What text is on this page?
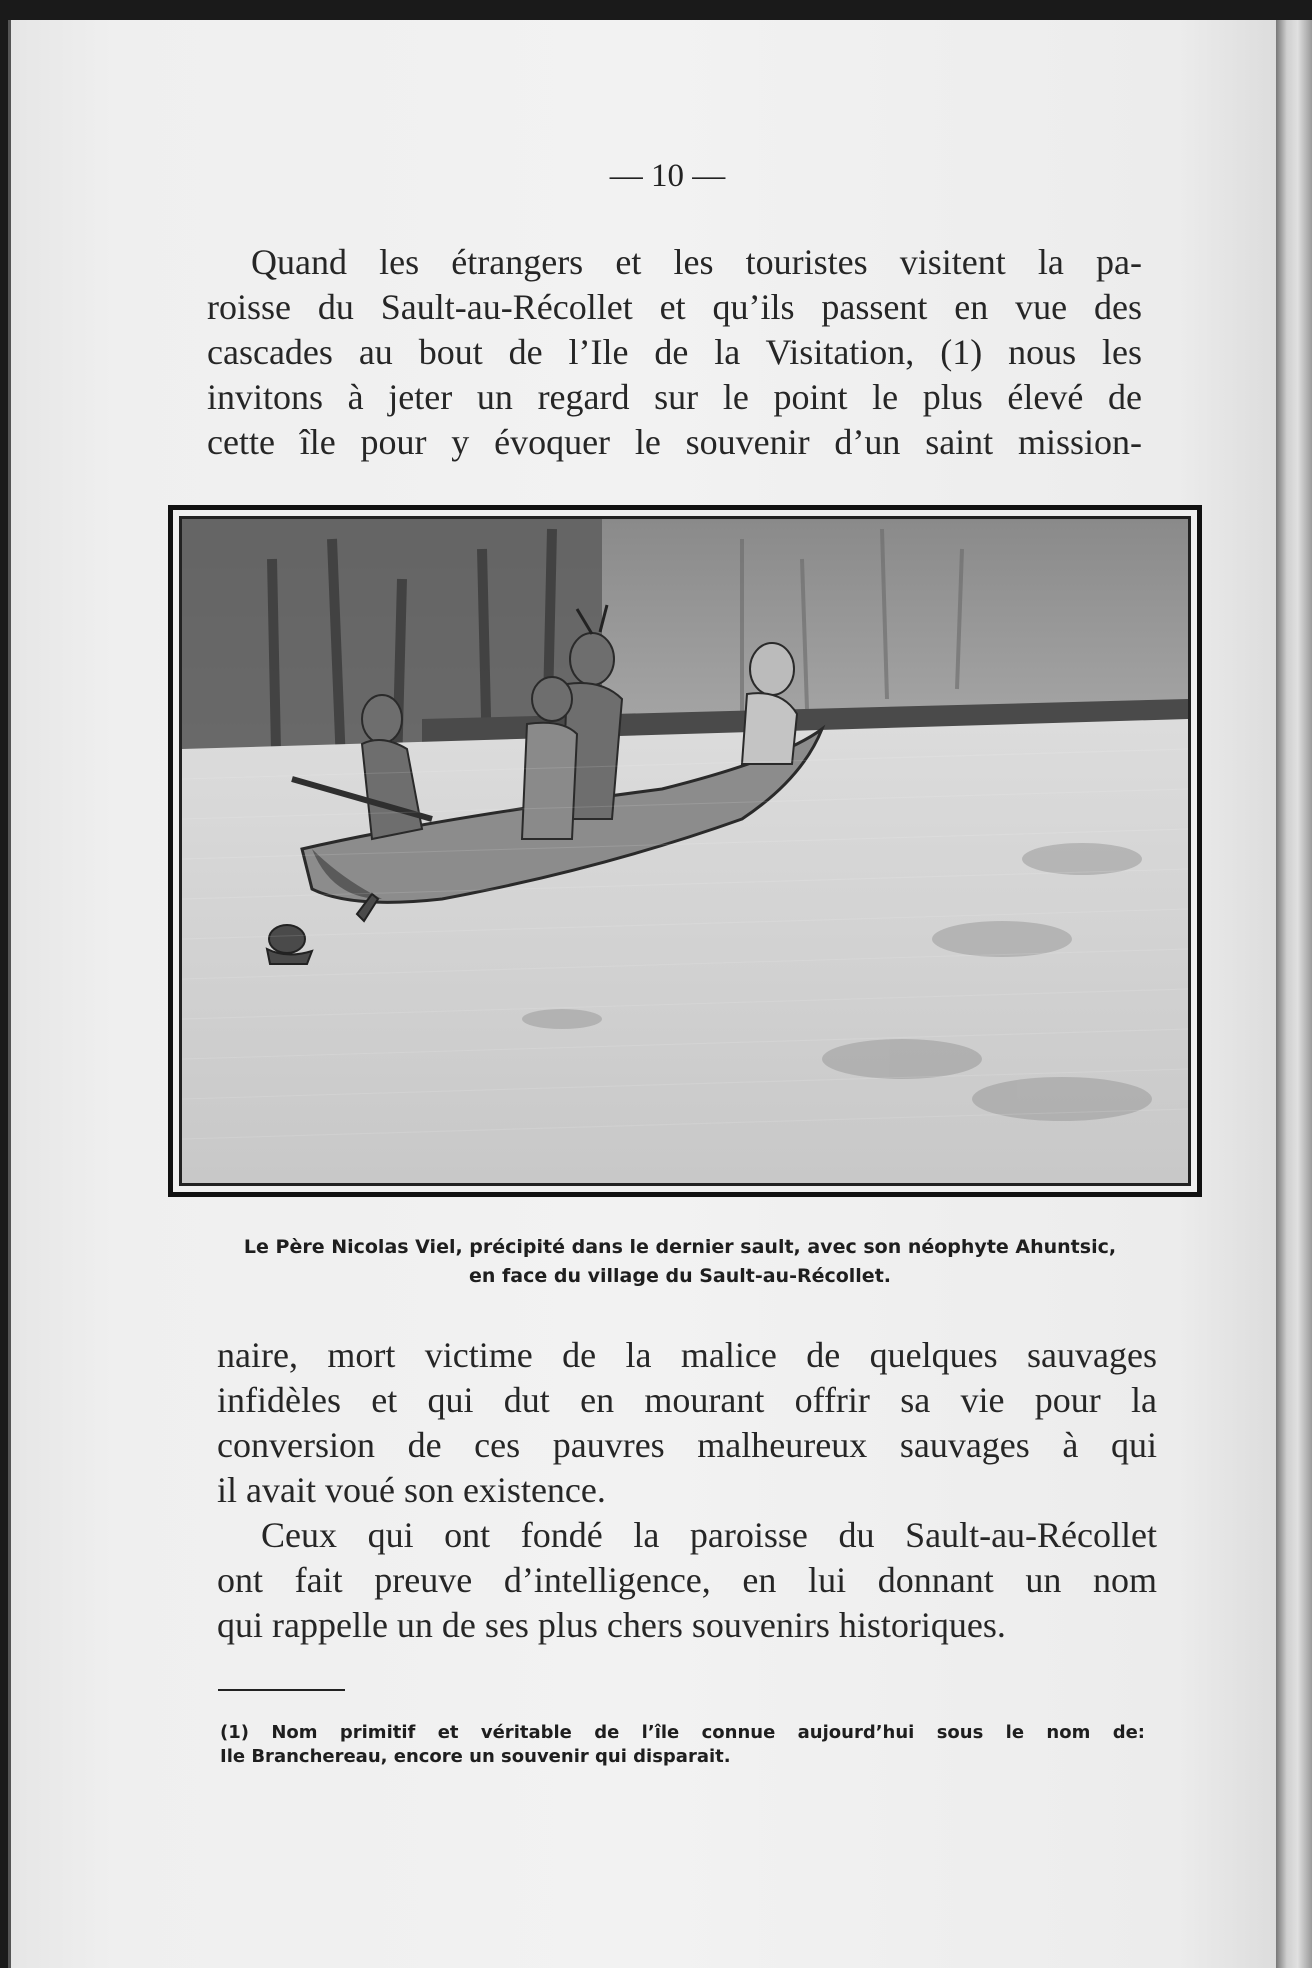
— 10 —

Quand les étrangers et les touristes visitent la pa-
roisse du Sault-au-Récollet et qu’ils passent en vue des
cascades au bout de l’Ile de la Visitation, (1) nous les
invitons à jeter un regard sur le point le plus élevé de
cette île pour y évoquer le souvenir d’un saint mission-

Le Père Nicolas Viel, précipité dans le dernier sault, avec son néophyte Ahuntsic,
en face du village du Sault-au-Récollet.

naire, mort victime de la malice de quelques sauvages
infidèles et qui dut en mourant offrir sa vie pour la
conversion de ces pauvres malheureux sauvages à qui
il avait voué son existence.

Ceux qui ont fondé la paroisse du Sault-au-Récollet
ont fait preuve d’intelligence, en lui donnant un nom
qui rappelle un de ses plus chers souvenirs historiques.

(1) Nom primitif et véritable de l’île connue aujourd’hui sous le nom de:
Ile Branchereau, encore un souvenir qui disparait.
